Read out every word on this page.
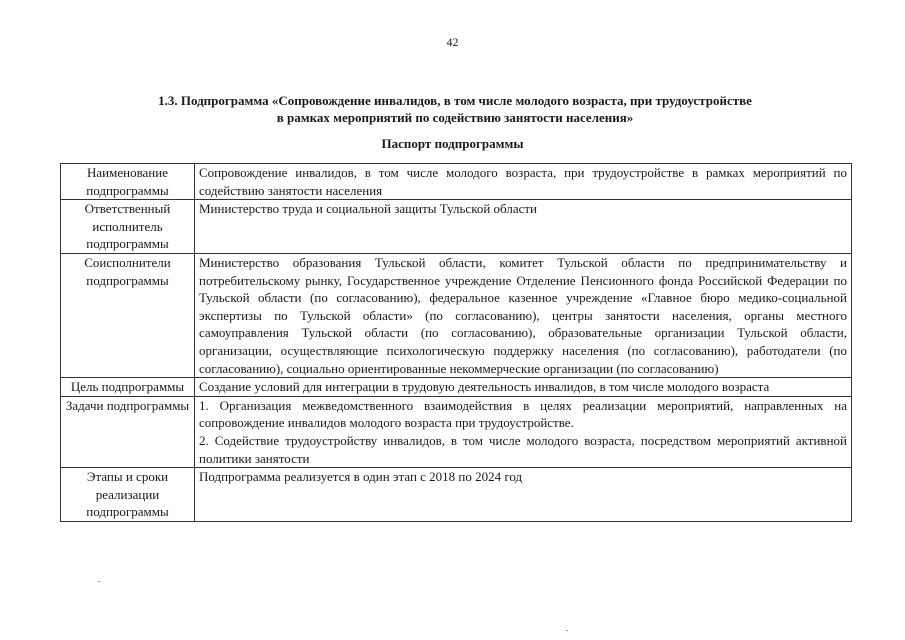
42
1.3. Подпрограмма «Сопровождение инвалидов, в том числе молодого возраста, при трудоустройстве
в рамках мероприятий по содействию занятости населения»
Паспорт подпрограммы
Наименование подпрограммы	Сопровождение инвалидов, в том числе молодого возраста, при трудоустройстве в рамках мероприятий по содействию занятости населения
Ответственный исполнитель подпрограммы	Министерство труда и социальной защиты Тульской области
Соисполнители подпрограммы	Министерство образования Тульской области, комитет Тульской области по предпринимательству и потребительскому рынку, Государственное учреждение Отделение Пенсионного фонда Российской Федерации по Тульской области (по согласованию), федеральное казенное учреждение «Главное бюро медико-социальной экспертизы по Тульской области» (по согласованию), центры занятости населения, органы местного самоуправления Тульской области (по согласованию), образовательные организации Тульской области, организации, осуществляющие психологическую поддержку населения (по согласованию), работодатели (по согласованию), социально ориентированные некоммерческие организации (по согласованию)
Цель подпрограммы	Создание условий для интеграции в трудовую деятельность инвалидов, в том числе молодого возраста
Задачи подпрограммы	1. Организация межведомственного взаимодействия в целях реализации мероприятий, направленных на сопровождение инвалидов молодого возраста при трудоустройстве.

2. Содействие трудоустройству инвалидов, в том числе молодого возраста, посредством мероприятий активной политики занятости

Этапы и сроки реализации подпрограммы	Подпрограмма реализуется в один этап с 2018 по 2024 год
